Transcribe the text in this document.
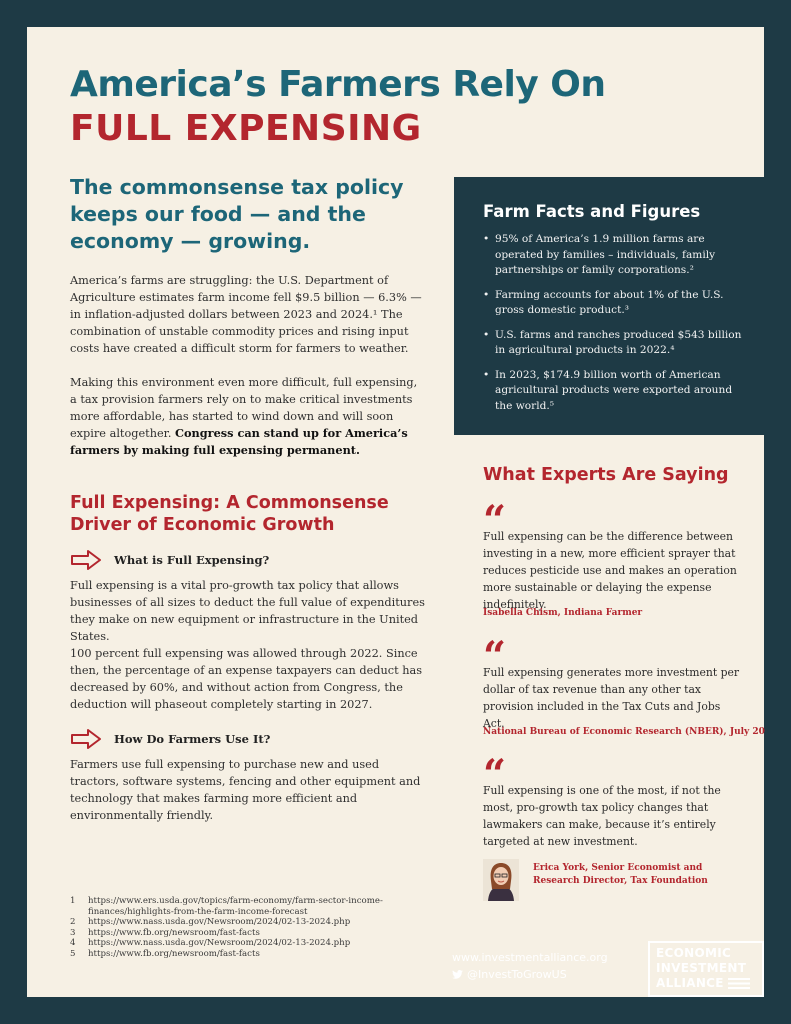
America’s Farmers Rely On
FULL EXPENSING
The commonsense tax policy keeps our food — and the economy — growing.

America’s farms are struggling: the U.S. Department of Agriculture estimates farm income fell $9.5 billion — 6.3% — in inflation-adjusted dollars between 2023 and 2024.¹ The combination of unstable commodity prices and rising input costs have created a difficult storm for farmers to weather.

Making this environment even more difficult, full expensing, a tax provision farmers rely on to make critical investments more affordable, has started to wind down and will soon expire altogether. Congress can stand up for America’s farmers by making full expensing permanent.

Full Expensing: A Commonsense Driver of Economic Growth
What is Full Expensing?

Full expensing is a vital pro-growth tax policy that allows businesses of all sizes to deduct the full value of expenditures they make on new equipment or infrastructure in the United States.

100 percent full expensing was allowed through 2022. Since then, the percentage of an expense taxpayers can deduct has decreased by 60%, and without action from Congress, the deduction will phaseout completely starting in 2027.

How Do Farmers Use It?

Farmers use full expensing to purchase new and used tractors, software systems, fencing and other equipment and technology that makes farming more efficient and environmentally friendly.

Farm Facts and Figures
• 95% of America’s 1.9 million farms are operated by families – individuals, family partnerships or family corporations.²
• Farming accounts for about 1% of the U.S. gross domestic product.³
• U.S. farms and ranches produced $543 billion in agricultural products in 2022.⁴
• In 2023, $174.9 billion worth of American agricultural products were exported around the world.⁵
What Experts Are Saying
“

Full expensing can be the difference between investing in a new, more efficient sprayer that reduces pesticide use and makes an operation more sustainable or delaying the expense indefinitely.

Isabella Chism, Indiana Farmer
“

Full expensing generates more investment per dollar of tax revenue than any other tax provision included in the Tax Cuts and Jobs Act.

National Bureau of Economic Research (NBER), July 20
“

Full expensing is one of the most, if not the most, pro-growth tax policy changes that lawmakers can make, because it’s entirely targeted at new investment.

Erica York, Senior Economist and Research Director, Tax Foundation
1	https://www.ers.usda.gov/topics/farm-economy/farm-sector-income-finances/highlights-from-the-farm-income-forecast
2	https://www.nass.usda.gov/Newsroom/2024/02-13-2024.php
3	https://www.fb.org/newsroom/fast-facts
4	https://www.nass.usda.gov/Newsroom/2024/02-13-2024.php
5	https://www.fb.org/newsroom/fast-facts	www.investmentalliance.org
@InvestToGrowUS
ECONOMIC
INVESTMENT
ALLIANCE
